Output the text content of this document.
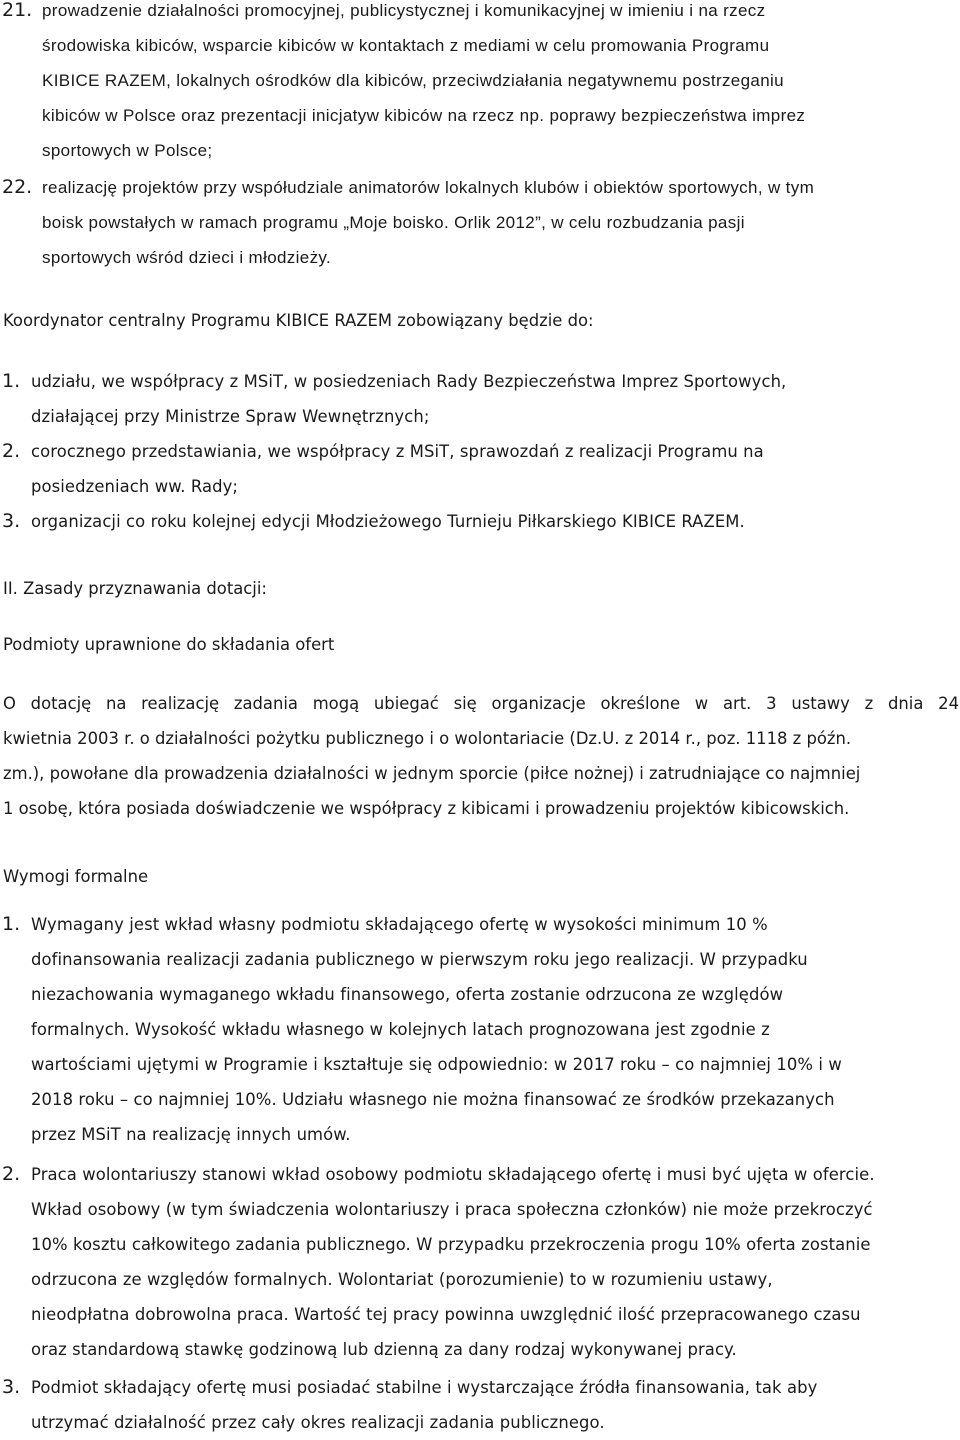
21. prowadzenie działalności promocyjnej, publicystycznej i komunikacyjnej w imieniu i na rzecz
środowiska kibiców, wsparcie kibiców w kontaktach z mediami w celu promowania Programu
KIBICE RAZEM, lokalnych ośrodków dla kibiców, przeciwdziałania negatywnemu postrzeganiu
kibiców w Polsce oraz prezentacji inicjatyw kibiców na rzecz np. poprawy bezpieczeństwa imprez
sportowych w Polsce;
22. realizację projektów przy współudziale animatorów lokalnych klubów i obiektów sportowych, w tym
boisk powstałych w ramach programu „Moje boisko. Orlik 2012”, w celu rozbudzania pasji
sportowych wśród dzieci i młodzieży.
Koordynator centralny Programu KIBICE RAZEM zobowiązany będzie do:
1. udziału, we współpracy z MSiT, w posiedzeniach Rady Bezpieczeństwa Imprez Sportowych,
działającej przy Ministrze Spraw Wewnętrznych;
2. corocznego przedstawiania, we współpracy z MSiT, sprawozdań z realizacji Programu na
posiedzeniach ww. Rady;
3. organizacji co roku kolejnej edycji Młodzieżowego Turnieju Piłkarskiego KIBICE RAZEM.
II. Zasady przyznawania dotacji:
Podmioty uprawnione do składania ofert
O dotację na realizację zadania mogą ubiegać się organizacje określone w art. 3 ustawy z dnia 24
kwietnia 2003 r. o działalności pożytku publicznego i o wolontariacie (Dz.U. z 2014 r., poz. 1118 z późn.
zm.), powołane dla prowadzenia działalności w jednym sporcie (piłce nożnej) i zatrudniające co najmniej
1 osobę, która posiada doświadczenie we współpracy z kibicami i prowadzeniu projektów kibicowskich.
Wymogi formalne
1. Wymagany jest wkład własny podmiotu składającego ofertę w wysokości minimum 10 %
dofinansowania realizacji zadania publicznego w pierwszym roku jego realizacji. W przypadku
niezachowania wymaganego wkładu finansowego, oferta zostanie odrzucona ze względów
formalnych. Wysokość wkładu własnego w kolejnych latach prognozowana jest zgodnie z
wartościami ujętymi w Programie i kształtuje się odpowiednio: w 2017 roku – co najmniej 10% i w
2018 roku – co najmniej 10%. Udziału własnego nie można finansować ze środków przekazanych
przez MSiT na realizację innych umów.
2. Praca wolontariuszy stanowi wkład osobowy podmiotu składającego ofertę i musi być ujęta w ofercie.
Wkład osobowy (w tym świadczenia wolontariuszy i praca społeczna członków) nie może przekroczyć
10% kosztu całkowitego zadania publicznego. W przypadku przekroczenia progu 10% oferta zostanie
odrzucona ze względów formalnych. Wolontariat (porozumienie) to w rozumieniu ustawy,
nieodpłatna dobrowolna praca. Wartość tej pracy powinna uwzględnić ilość przepracowanego czasu
oraz standardową stawkę godzinową lub dzienną za dany rodzaj wykonywanej pracy.
3. Podmiot składający ofertę musi posiadać stabilne i wystarczające źródła finansowania, tak aby
utrzymać działalność przez cały okres realizacji zadania publicznego.
